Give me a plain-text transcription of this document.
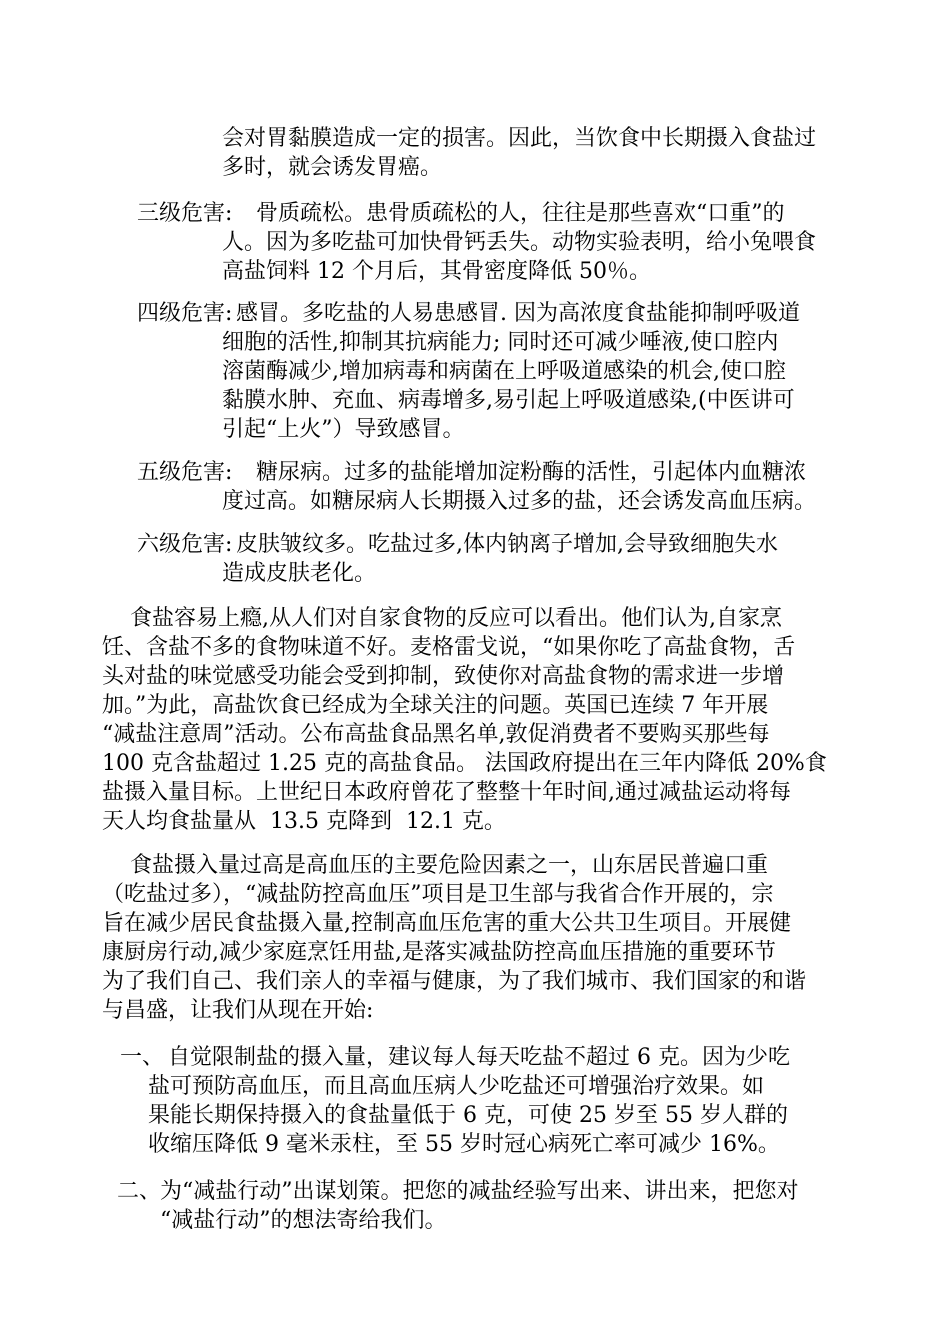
会对胃黏膜造成一定的损害。因此，当饮食中长期摄入食盐过
多时，就会诱发胃癌。
三级危害: 骨质疏松。患骨质疏松的人，往往是那些喜欢“口重”的
人。因为多吃盐可加快骨钙丢失。动物实验表明，给小兔喂食
高盐饲料 12 个月后，其骨密度降低 50％。
四级危害: 感冒。多吃盐的人易患感冒. 因为高浓度食盐能抑制呼吸道
细胞的活性,抑制其抗病能力; 同时还可减少唾液,使口腔内
溶菌酶减少,增加病毒和病菌在上呼吸道感染的机会,使口腔
黏膜水肿、充血、病毒增多,易引起上呼吸道感染,(中医讲可
引起“上火”）导致感冒。
五级危害: 糖尿病。过多的盐能增加淀粉酶的活性，引起体内血糖浓
度过高。如糖尿病人长期摄入过多的盐，还会诱发高血压病。
六级危害: 皮肤皱纹多。吃盐过多,体内钠离子增加,会导致细胞失水
造成皮肤老化。
食盐容易上瘾,从人们对自家食物的反应可以看出。他们认为,自家烹
饪、含盐不多的食物味道不好。麦格雷戈说，“如果你吃了高盐食物，舌
头对盐的味觉感受功能会受到抑制，致使你对高盐食物的需求进一步增
加。”为此，高盐饮食已经成为全球关注的问题。英国已连续 7 年开展
“减盐注意周”活动。公布高盐食品黑名单,敦促消费者不要购买那些每
100 克含盐超过 1.25 克的高盐食品。 法国政府提出在三年内降低 20%食
盐摄入量目标。上世纪日本政府曾花了整整十年时间,通过减盐运动将每
天人均食盐量从  13.5 克降到  12.1 克。
食盐摄入量过高是高血压的主要危险因素之一，山东居民普遍口重
（吃盐过多），“减盐防控高血压”项目是卫生部与我省合作开展的，宗
旨在减少居民食盐摄入量,控制高血压危害的重大公共卫生项目。开展健
康厨房行动,减少家庭烹饪用盐,是落实减盐防控高血压措施的重要环节
为了我们自己、我们亲人的幸福与健康，为了我们城市、我们国家的和谐
与昌盛，让我们从现在开始:
一、 自觉限制盐的摄入量，建议每人每天吃盐不超过 6 克。因为少吃
盐可预防高血压，而且高血压病人少吃盐还可增强治疗效果。如
果能长期保持摄入的食盐量低于 6 克，可使 25 岁至 55 岁人群的
收缩压降低 9 毫米汞柱，至 55 岁时冠心病死亡率可减少 16%。
二、
为“减盐行动”出谋划策。把您的减盐经验写出来、讲出来，把您对
“减盐行动”的想法寄给我们。
